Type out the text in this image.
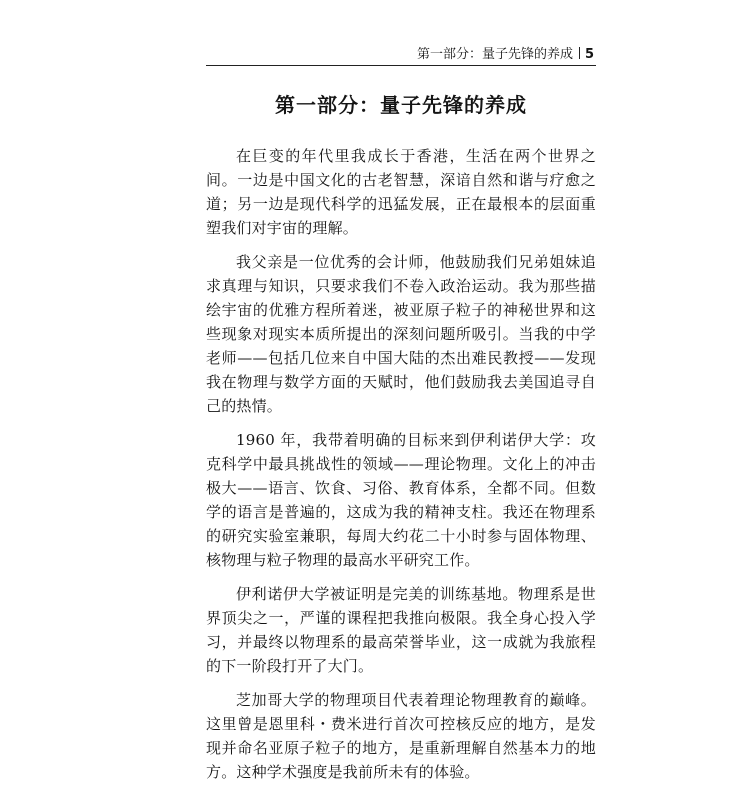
第一部分：量子先锋的养成 5
第一部分：量子先锋的养成

在巨变的年代里我成长于香港，生活在两个世界之间。一边是中国文化的古老智慧，深谙自然和谐与疗愈之道；另一边是现代科学的迅猛发展，正在最根本的层面重塑我们对宇宙的理解。

我父亲是一位优秀的会计师，他鼓励我们兄弟姐妹追求真理与知识，只要求我们不卷入政治运动。我为那些描绘宇宙的优雅方程所着迷，被亚原子粒子的神秘世界和这些现象对现实本质所提出的深刻问题所吸引。当我的中学老师——包括几位来自中国大陆的杰出难民教授——发现我在物理与数学方面的天赋时，他们鼓励我去美国追寻自己的热情。

1960 年，我带着明确的目标来到伊利诺伊大学：攻克科学中最具挑战性的领域——理论物理。文化上的冲击极大——语言、饮食、习俗、教育体系，全都不同。但数学的语言是普遍的，这成为我的精神支柱。我还在物理系的研究实验室兼职，每周大约花二十小时参与固体物理、核物理与粒子物理的最高水平研究工作。

伊利诺伊大学被证明是完美的训练基地。物理系是世界顶尖之一，严谨的课程把我推向极限。我全身心投入学习，并最终以物理系的最高荣誉毕业，这一成就为我旅程的下一阶段打开了大门。

芝加哥大学的物理项目代表着理论物理教育的巅峰。这里曾是恩里科・费米进行首次可控核反应的地方，是发现并命名亚原子粒子的地方，是重新理解自然基本力的地方。这种学术强度是我前所未有的体验。
